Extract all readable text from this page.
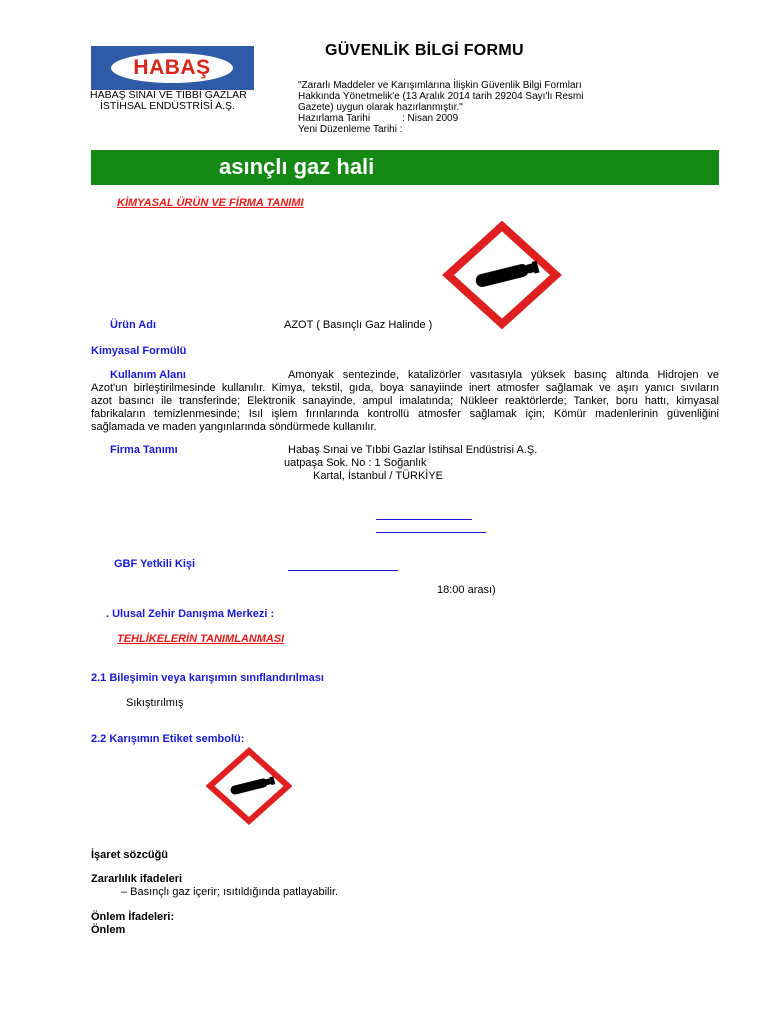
HABAŞ
HABAŞ SINAI VE TIBBİ GAZLAR
İSTİHSAL ENDÜSTRİSİ A.Ş.
GÜVENLİK BİLGİ FORMU
"Zararlı Maddeler ve Karışımlarına İlişkin Güvenlik Bilgi Formları
Hakkında Yönetmelik'e (13 Aralık 2014 tarih 29204 Sayı'lı Resmi
Gazete) uygun olarak hazırlanmıştır."
Hazırlama Tarihi	: Nisan 2009
Yeni Düzenleme Tarihi :
asınçlı gaz hali
KİMYASAL ÜRÜN VE FİRMA TANIMI
Ürün Adı	AZOT ( Basınçlı Gaz Halinde )
Kimyasal Formülü
Kullanım Alanı	Amonyak sentezinde, katalizörler vasıtasıyla yüksek basınç altında Hidrojen ve
Azot'un birleştirilmesinde kullanılır. Kimya, tekstil, gıda, boya sanayiinde inert atmosfer sağlamak ve aşırı yanıcı sıvıların
azot basıncı ile transferinde; Elektronik sanayinde, ampul imalatında; Nükleer reaktörlerde; Tanker, boru hattı, kimyasal
fabrikaların temizlenmesinde; Isıl işlem fırınlarında kontrollü atmosfer sağlamak için; Kömür madenlerinin güvenliğini
sağlamada ve maden yangınlarında söndürmede kullanılır.
Firma Tanımı	Habaş Sınai ve Tıbbi Gazlar İstihsal Endüstrisi A.Ş.
uatpaşa Sok. No : 1 Soğanlık
Kartal, İstanbul / TÜRKİYE
GBF Yetkili Kişi
18:00 arası)
. Ulusal Zehir Danışma Merkezi :
TEHLİKELERİN TANIMLANMASI
2.1 Bileşimin veya karışımın sınıflandırılması
Sıkıştırılmış
2.2 Karışımın Etiket sembolü:
İşaret sözcüğü
Zararlılık ifadeleri
– Basınçlı gaz içerir; ısıtıldığında patlayabilir.
Önlem İfadeleri:
Önlem
